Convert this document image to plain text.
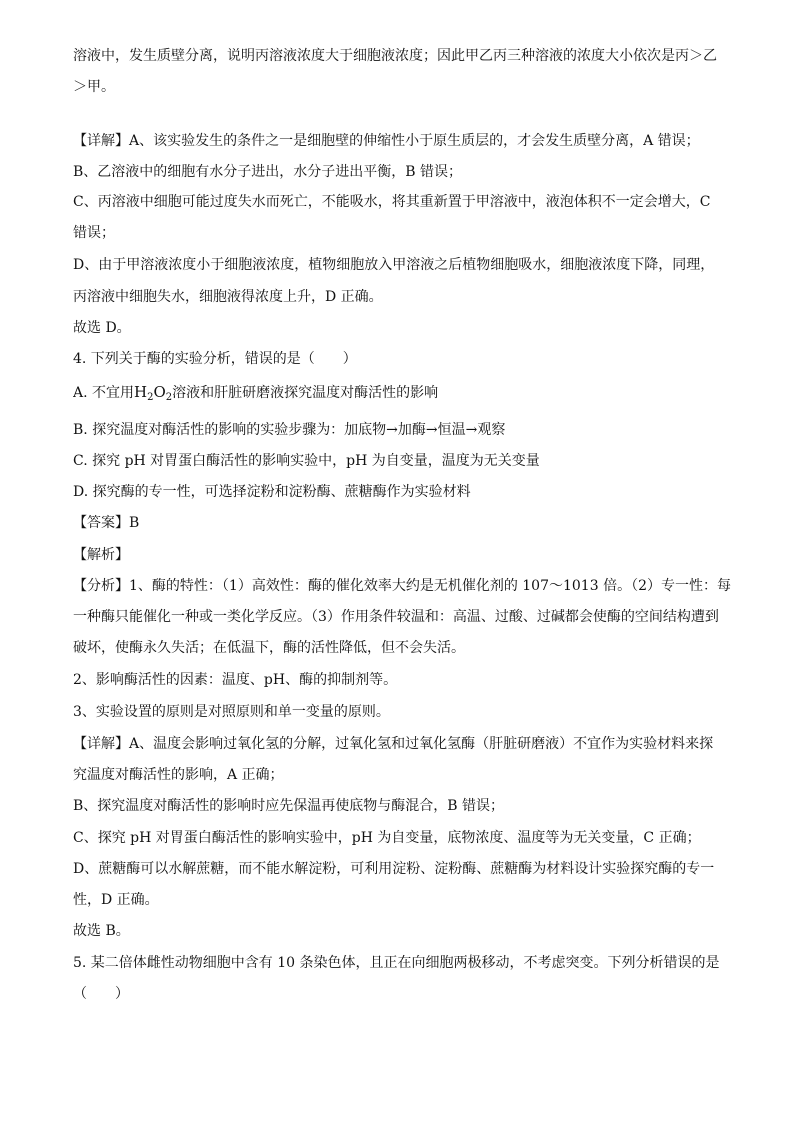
溶液中，发生质壁分离，说明丙溶液浓度大于细胞液浓度；因此甲乙丙三种溶液的浓度大小依次是丙＞乙
＞甲。
【详解】A、该实验发生的条件之一是细胞壁的伸缩性小于原生质层的，才会发生质壁分离，A 错误；
B、乙溶液中的细胞有水分子进出，水分子进出平衡，B 错误；
C、丙溶液中细胞可能过度失水而死亡，不能吸水，将其重新置于甲溶液中，液泡体积不一定会增大，C
错误；
D、由于甲溶液浓度小于细胞液浓度，植物细胞放入甲溶液之后植物细胞吸水，细胞液浓度下降，同理，
丙溶液中细胞失水，细胞液得浓度上升，D 正确。
故选 D。
4. 下列关于酶的实验分析，错误的是（　　）
A. 不宜用$H_2O_2$溶液和肝脏研磨液探究温度对酶活性的影响
B. 探究温度对酶活性的影响的实验步骤为：加底物→加酶→恒温→观察
C. 探究 pH 对胃蛋白酶活性的影响实验中，pH 为自变量，温度为无关变量
D. 探究酶的专一性，可选择淀粉和淀粉酶、蔗糖酶作为实验材料
【答案】B
【解析】
【分析】1、酶的特性：（1）高效性：酶的催化效率大约是无机催化剂的 107～1013 倍。（2）专一性：每
一种酶只能催化一种或一类化学反应。（3）作用条件较温和：高温、过酸、过碱都会使酶的空间结构遭到
破坏，使酶永久失活；在低温下，酶的活性降低，但不会失活。
2、影响酶活性的因素：温度、pH、酶的抑制剂等。
3、实验设置的原则是对照原则和单一变量的原则。
【详解】A、温度会影响过氧化氢的分解，过氧化氢和过氧化氢酶（肝脏研磨液）不宜作为实验材料来探
究温度对酶活性的影响，A 正确；
B、探究温度对酶活性的影响时应先保温再使底物与酶混合，B 错误；
C、探究 pH 对胃蛋白酶活性的影响实验中，pH 为自变量，底物浓度、温度等为无关变量，C 正确；
D、蔗糖酶可以水解蔗糖，而不能水解淀粉，可利用淀粉、淀粉酶、蔗糖酶为材料设计实验探究酶的专一
性，D 正确。
故选 B。
5. 某二倍体雌性动物细胞中含有 10 条染色体，且正在向细胞两极移动，不考虑突变。下列分析错误的是
（　　）
